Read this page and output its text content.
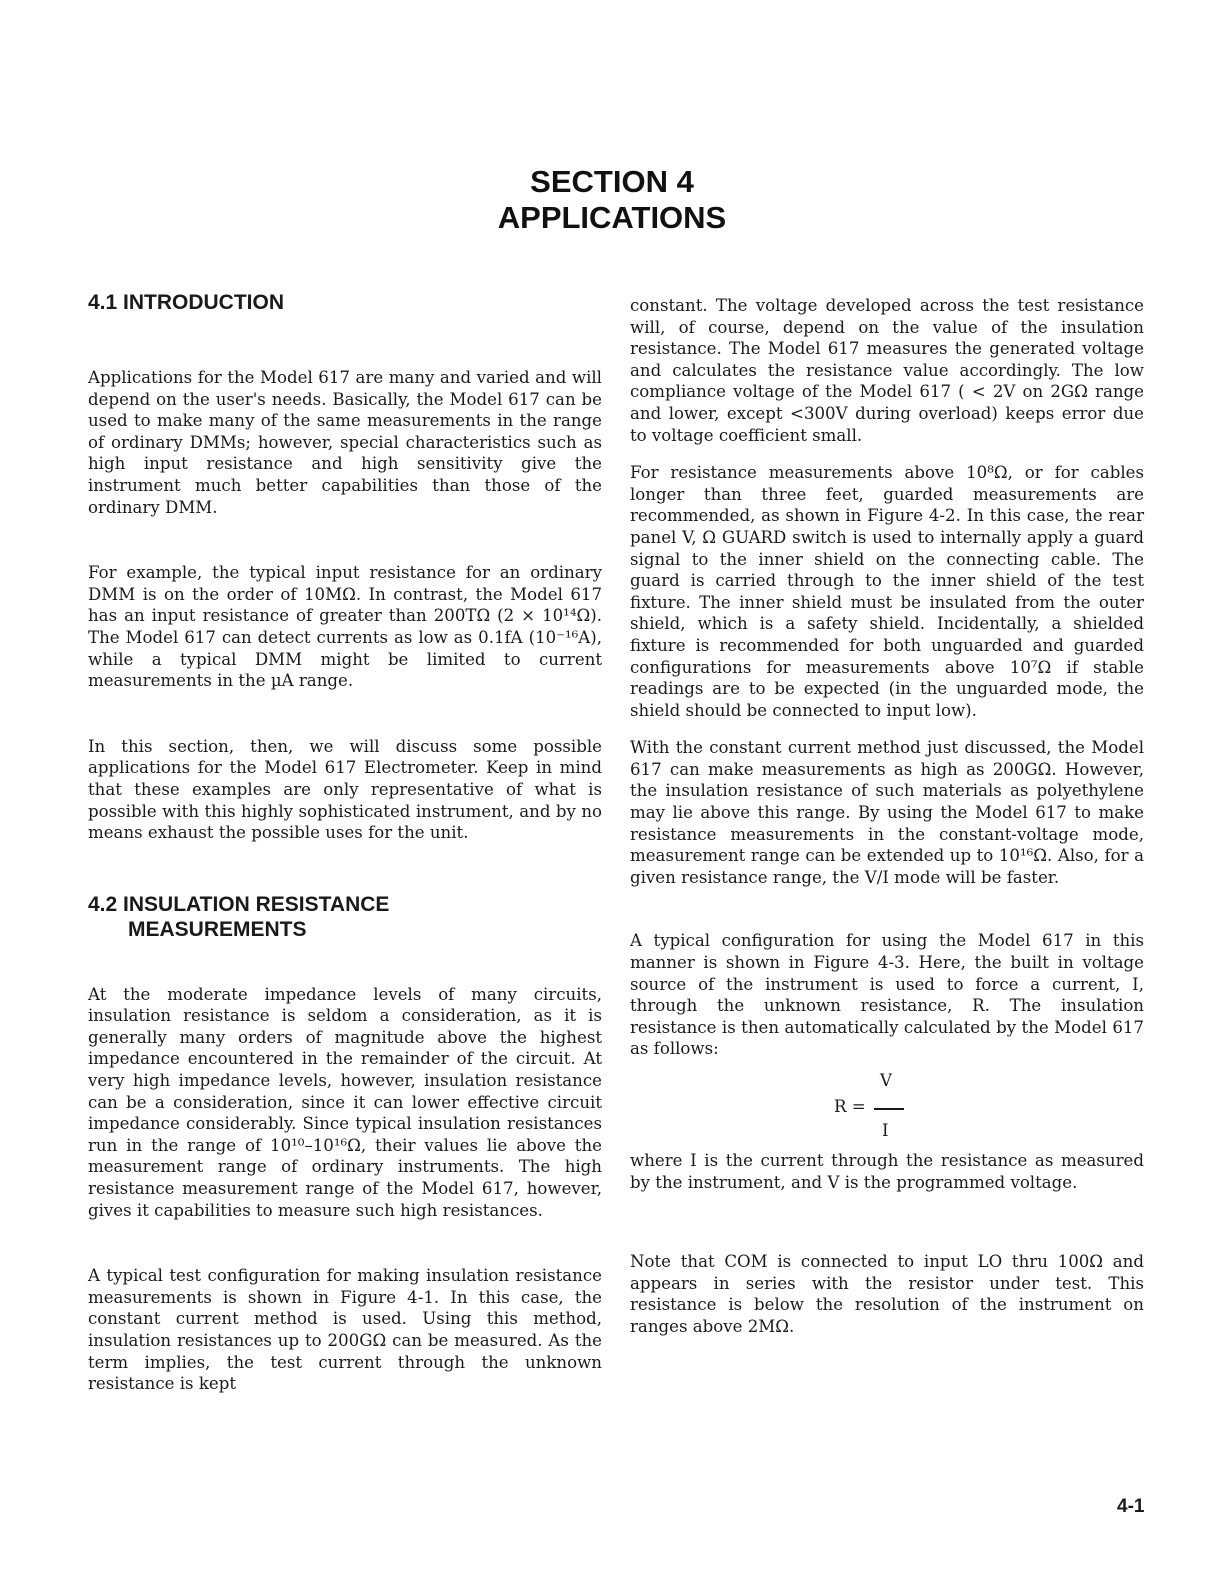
SECTION 4
APPLICATIONS
4.1 INTRODUCTION

Applications for the Model 617 are many and varied and will depend on the user's needs. Basically, the Model 617 can be used to make many of the same measurements in the range of ordinary DMMs; however, special characteristics such as high input resistance and high sensitivity give the instrument much better capabilities than those of the ordinary DMM.

For example, the typical input resistance for an ordinary DMM is on the order of 10MΩ. In contrast, the Model 617 has an input resistance of greater than 200TΩ (2 × 10¹⁴Ω). The Model 617 can detect currents as low as 0.1fA (10⁻¹⁶A), while a typical DMM might be limited to current measurements in the µA range.

In this section, then, we will discuss some possible applications for the Model 617 Electrometer. Keep in mind that these examples are only representative of what is possible with this highly sophisticated instrument, and by no means exhaust the possible uses for the unit.

4.2 INSULATION RESISTANCE
MEASUREMENTS

At the moderate impedance levels of many circuits, insulation resistance is seldom a consideration, as it is generally many orders of magnitude above the highest impedance encountered in the remainder of the circuit. At very high impedance levels, however, insulation resistance can be a consideration, since it can lower effective circuit impedance considerably. Since typical insulation resistances run in the range of 10¹⁰–10¹⁶Ω, their values lie above the measurement range of ordinary instruments. The high resistance measurement range of the Model 617, however, gives it capabilities to measure such high resistances.

A typical test configuration for making insulation resistance measurements is shown in Figure 4-1. In this case, the constant current method is used. Using this method, insulation resistances up to 200GΩ can be measured. As the term implies, the test current through the unknown resistance is kept

constant. The voltage developed across the test resistance will, of course, depend on the value of the insulation resistance. The Model 617 measures the generated voltage and calculates the resistance value accordingly. The low compliance voltage of the Model 617 ( < 2V on 2GΩ range and lower, except <300V during overload) keeps error due to voltage coefficient small.

For resistance measurements above 10⁸Ω, or for cables longer than three feet, guarded measurements are recommended, as shown in Figure 4-2. In this case, the rear panel V, Ω GUARD switch is used to internally apply a guard signal to the inner shield on the connecting cable. The guard is carried through to the inner shield of the test fixture. The inner shield must be insulated from the outer shield, which is a safety shield. Incidentally, a shielded fixture is recommended for both unguarded and guarded configurations for measurements above 10⁷Ω if stable readings are to be expected (in the unguarded mode, the shield should be connected to input low).

With the constant current method just discussed, the Model 617 can make measurements as high as 200GΩ. However, the insulation resistance of such materials as polyethylene may lie above this range. By using the Model 617 to make resistance measurements in the constant-voltage mode, measurement range can be extended up to 10¹⁶Ω. Also, for a given resistance range, the V/I mode will be faster.

A typical configuration for using the Model 617 in this manner is shown in Figure 4-3. Here, the built in voltage source of the instrument is used to force a current, I, through the unknown resistance, R. The insulation resistance is then automatically calculated by the Model 617 as follows:

V
R =
I

where I is the current through the resistance as measured by the instrument, and V is the programmed voltage.

Note that COM is connected to input LO thru 100Ω and appears in series with the resistor under test. This resistance is below the resolution of the instrument on ranges above 2MΩ.

4-1
